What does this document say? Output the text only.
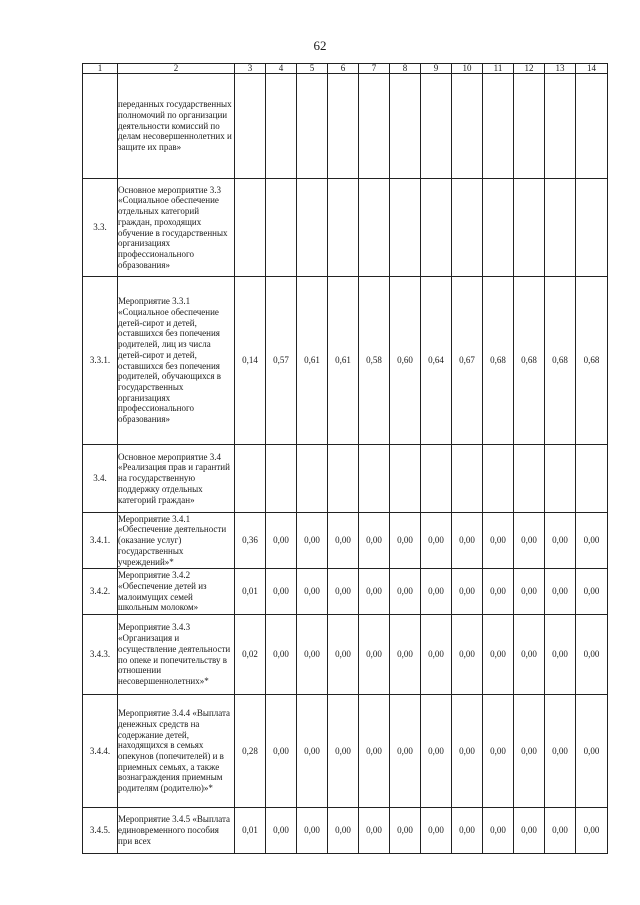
62
1	2	3	4	5	6	7	8	9	10	11	12	13	14
	переданных государственных полномочий по организации деятельности комиссий по делам несовершеннолетних и защите их прав»												
3.3.	Основное мероприятие 3.3 «Социальное обеспечение отдельных категорий граждан, проходящих обучение в государственных организациях профессионального образования»												
3.3.1.	Мероприятие 3.3.1 «Социальное обеспечение детей-сирот и детей, оставшихся без попечения родителей, лиц из числа детей-сирот и детей, оставшихся без попечения родителей, обучающихся в государственных организациях профессионального образования»	0,14	0,57	0,61	0,61	0,58	0,60	0,64	0,67	0,68	0,68	0,68	0,68
3.4.	Основное мероприятие 3.4 «Реализация прав и гарантий на государственную поддержку отдельных категорий граждан»												
3.4.1.	Мероприятие 3.4.1 «Обеспечение деятельности (оказание услуг) государственных учреждений»*	0,36	0,00	0,00	0,00	0,00	0,00	0,00	0,00	0,00	0,00	0,00	0,00
3.4.2.	Мероприятие 3.4.2 «Обеспечение детей из малоимущих семей школьным молоком»	0,01	0,00	0,00	0,00	0,00	0,00	0,00	0,00	0,00	0,00	0,00	0,00
3.4.3.	Мероприятие 3.4.3 «Организация и осуществление деятельности по опеке и попечительству в отношении несовершеннолетних»*	0,02	0,00	0,00	0,00	0,00	0,00	0,00	0,00	0,00	0,00	0,00	0,00
3.4.4.	Мероприятие 3.4.4 «Выплата денежных средств на содержание детей, находящихся в семьях опекунов (попечителей) и в приемных семьях, а также вознаграждения приемным родителям (родителю)»*	0,28	0,00	0,00	0,00	0,00	0,00	0,00	0,00	0,00	0,00	0,00	0,00
3.4.5.	Мероприятие 3.4.5 «Выплата единовременного пособия при всех	0,01	0,00	0,00	0,00	0,00	0,00	0,00	0,00	0,00	0,00	0,00	0,00
